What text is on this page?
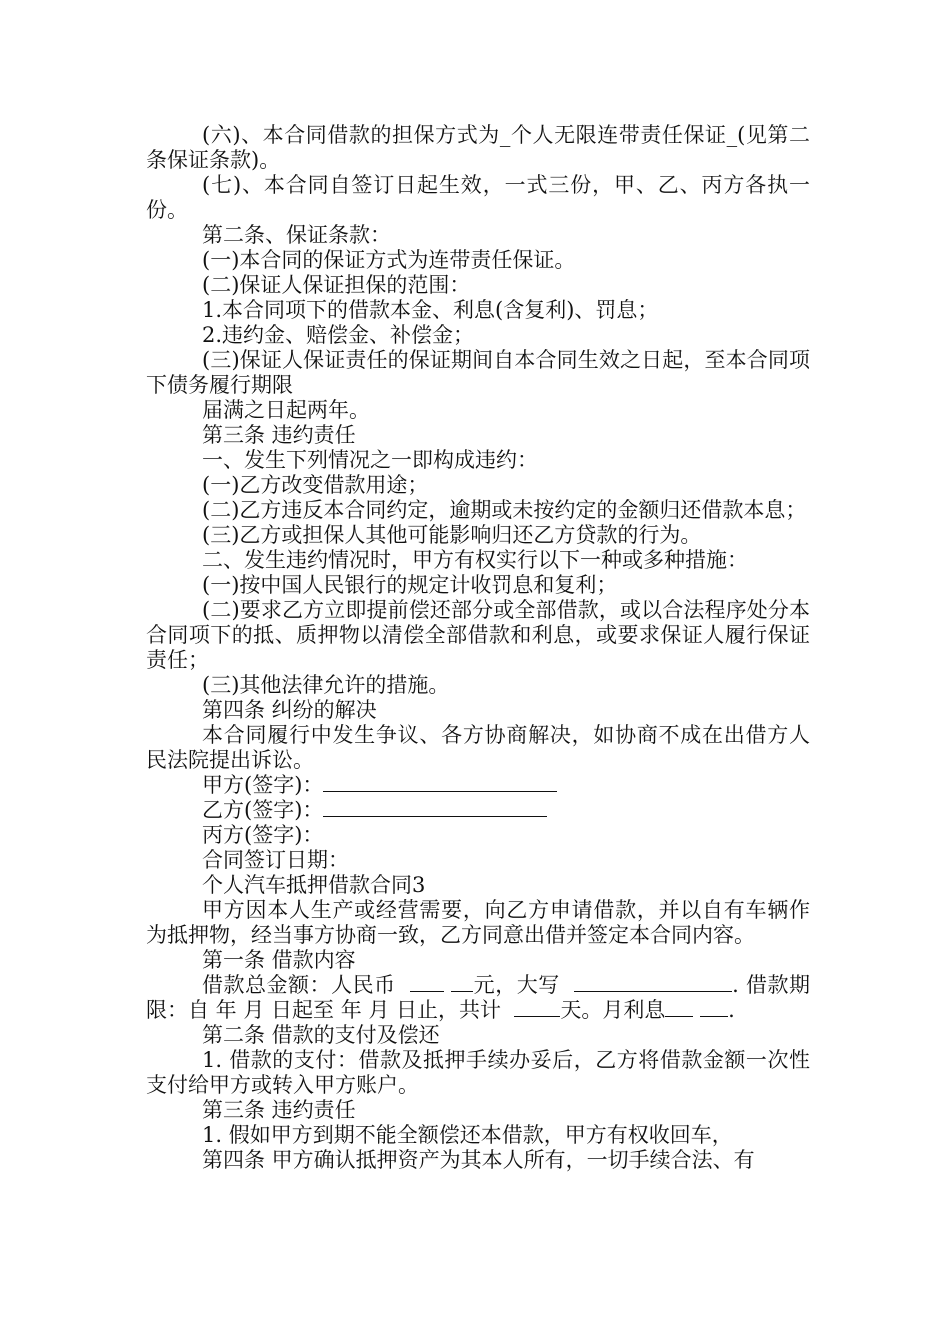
(六)、本合同借款的担保方式为_个人无限连带责任保证_(见第二条保证条款)。

(七)、本合同自签订日起生效，一式三份，甲、乙、丙方各执一份。

第二条、保证条款：

(一)本合同的保证方式为连带责任保证。

(二)保证人保证担保的范围：

1.本合同项下的借款本金、利息(含复利)、罚息；

2.违约金、赔偿金、补偿金；

(三)保证人保证责任的保证期间自本合同生效之日起，至本合同项下债务履行期限

届满之日起两年。

第三条 违约责任

一、发生下列情况之一即构成违约：

(一)乙方改变借款用途；

(二)乙方违反本合同约定，逾期或未按约定的金额归还借款本息；

(三)乙方或担保人其他可能影响归还乙方贷款的行为。

二、发生违约情况时，甲方有权实行以下一种或多种措施：

(一)按中国人民银行的规定计收罚息和复利；

(二)要求乙方立即提前偿还部分或全部借款，或以合法程序处分本合同项下的抵、质押物以清偿全部借款和利息，或要求保证人履行保证责任；

(三)其他法律允许的措施。

第四条 纠纷的解决

本合同履行中发生争议、各方协商解决，如协商不成在出借方人民法院提出诉讼。

甲方(签字)：

乙方(签字)：

丙方(签字)：

合同签订日期：

个人汽车抵押借款合同3

甲方因本人生产或经营需要，向乙方申请借款，并以自有车辆作为抵押物，经当事方协商一致，乙方同意出借并签定本合同内容。

第一条 借款内容

借款总金额：人民币	元，大写	. 借款期限：自 年 月 日起至 年 月 日止，共计	天。月利息	.

第二条 借款的支付及偿还

1. 借款的支付：借款及抵押手续办妥后，乙方将借款金额一次性支付给甲方或转入甲方账户。

第三条 违约责任

1. 假如甲方到期不能全额偿还本借款，甲方有权收回车，

第四条 甲方确认抵押资产为其本人所有，一切手续合法、有
